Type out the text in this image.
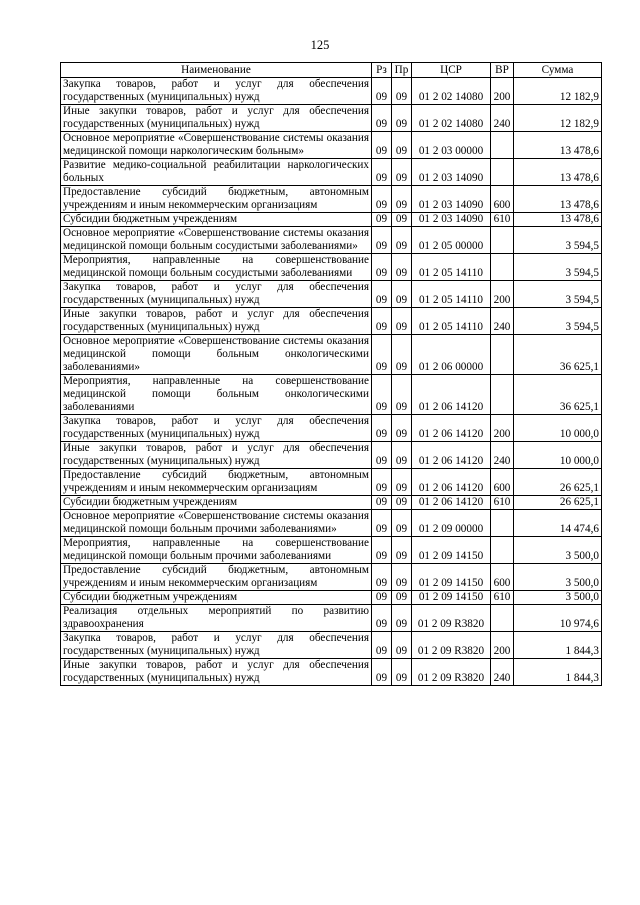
125
Наименование	Рз	Пр	ЦСР	ВР	Сумма
Закупка товаров, работ и услуг для обеспечения государственных (муниципальных) нужд	09	09	01 2 02 14080	200	12 182,9
Иные закупки товаров, работ и услуг для обеспечения государственных (муниципальных) нужд	09	09	01 2 02 14080	240	12 182,9
Основное мероприятие «Совершенствование системы оказания медицинской помощи наркологическим больным»	09	09	01 2 03 00000		13 478,6
Развитие медико-социальной реабилитации наркологических больных	09	09	01 2 03 14090		13 478,6
Предоставление субсидий бюджетным, автономным учреждениям и иным некоммерческим организациям	09	09	01 2 03 14090	600	13 478,6
Субсидии бюджетным учреждениям	09	09	01 2 03 14090	610	13 478,6
Основное мероприятие «Совершенствование системы оказания медицинской помощи больным сосудистыми заболеваниями»	09	09	01 2 05 00000		3 594,5
Мероприятия, направленные на совершенствование медицинской помощи больным сосудистыми заболеваниями	09	09	01 2 05 14110		3 594,5
Закупка товаров, работ и услуг для обеспечения государственных (муниципальных) нужд	09	09	01 2 05 14110	200	3 594,5
Иные закупки товаров, работ и услуг для обеспечения государственных (муниципальных) нужд	09	09	01 2 05 14110	240	3 594,5
Основное мероприятие «Совершенствование системы оказания медицинской помощи больным онкологическими заболеваниями»	09	09	01 2 06 00000		36 625,1
Мероприятия, направленные на совершенствование медицинской помощи больным онкологическими заболеваниями	09	09	01 2 06 14120		36 625,1
Закупка товаров, работ и услуг для обеспечения государственных (муниципальных) нужд	09	09	01 2 06 14120	200	10 000,0
Иные закупки товаров, работ и услуг для обеспечения государственных (муниципальных) нужд	09	09	01 2 06 14120	240	10 000,0
Предоставление субсидий бюджетным, автономным учреждениям и иным некоммерческим организациям	09	09	01 2 06 14120	600	26 625,1
Субсидии бюджетным учреждениям	09	09	01 2 06 14120	610	26 625,1
Основное мероприятие «Совершенствование системы оказания медицинской помощи больным прочими заболеваниями»	09	09	01 2 09 00000		14 474,6
Мероприятия, направленные на совершенствование медицинской помощи больным прочими заболеваниями	09	09	01 2 09 14150		3 500,0
Предоставление субсидий бюджетным, автономным учреждениям и иным некоммерческим организациям	09	09	01 2 09 14150	600	3 500,0
Субсидии бюджетным учреждениям	09	09	01 2 09 14150	610	3 500,0
Реализация отдельных мероприятий по развитию здравоохранения	09	09	01 2 09 R3820		10 974,6
Закупка товаров, работ и услуг для обеспечения государственных (муниципальных) нужд	09	09	01 2 09 R3820	200	1 844,3
Иные закупки товаров, работ и услуг для обеспечения государственных (муниципальных) нужд	09	09	01 2 09 R3820	240	1 844,3
